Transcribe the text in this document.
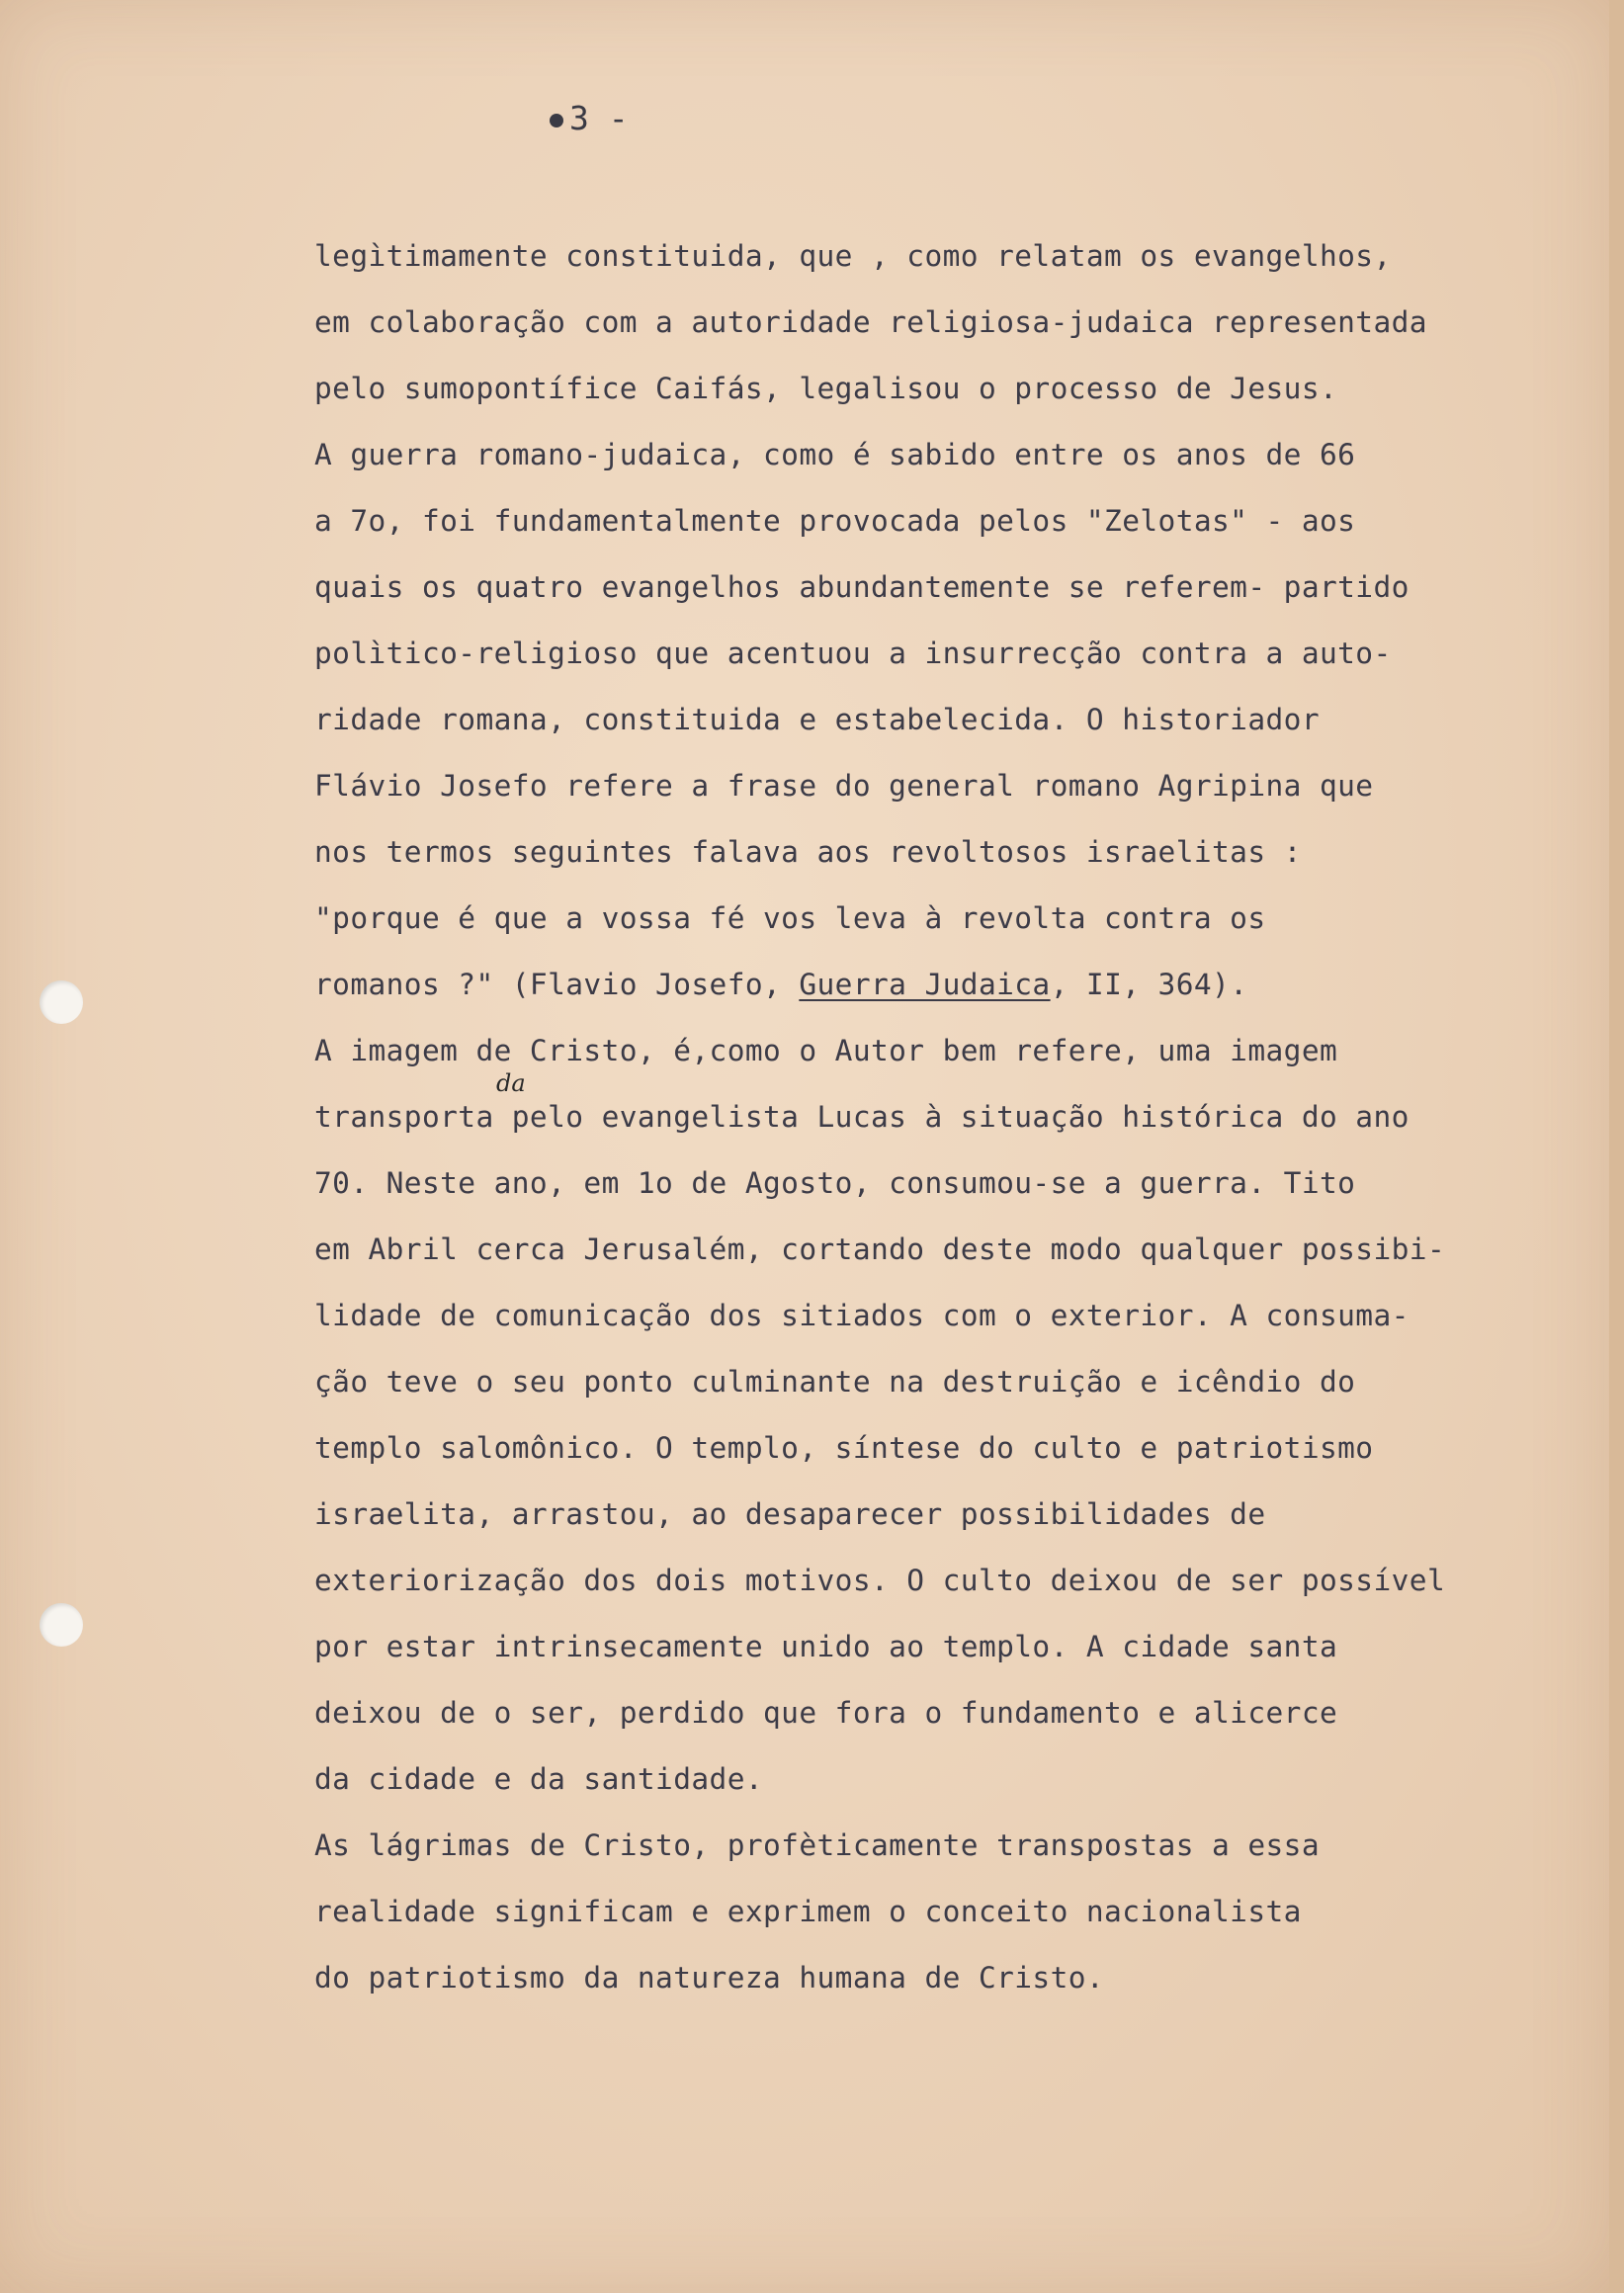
3 -
da
legìtimamente constituida, que , como relatam os evangelhos,
em colaboração com a autoridade religiosa-judaica representada
pelo sumopontífice Caifás, legalisou o processo de Jesus.
A guerra romano-judaica, como é sabido entre os anos de 66
a 7o, foi fundamentalmente provocada pelos "Zelotas" - aos
quais os quatro evangelhos abundantemente se referem- partido
polìtico-religioso que acentuou a insurrecção contra a auto-
ridade romana, constituida e estabelecida. O historiador
Flávio Josefo refere a frase do general romano Agripina que
nos termos seguintes falava aos revoltosos israelitas :
"porque é que a vossa fé vos leva à revolta contra os
romanos ?" (Flavio Josefo, Guerra Judaica, II, 364).
A imagem de Cristo, é,como o Autor bem refere, uma imagem
transporta pelo evangelista Lucas à situação histórica do ano
70. Neste ano, em 1o de Agosto, consumou-se a guerra. Tito
em Abril cerca Jerusalém, cortando deste modo qualquer possibi-
lidade de comunicação dos sitiados com o exterior. A consuma-
ção teve o seu ponto culminante na destruição e icêndio do
templo salomônico. O templo, síntese do culto e patriotismo
israelita, arrastou, ao desaparecer possibilidades de
exteriorização dos dois motivos. O culto deixou de ser possível
por estar intrinsecamente unido ao templo. A cidade santa
deixou de o ser, perdido que fora o fundamento e alicerce
da cidade e da santidade.
As lágrimas de Cristo, profèticamente transpostas a essa
realidade significam e exprimem o conceito nacionalista
do patriotismo da natureza humana de Cristo.
